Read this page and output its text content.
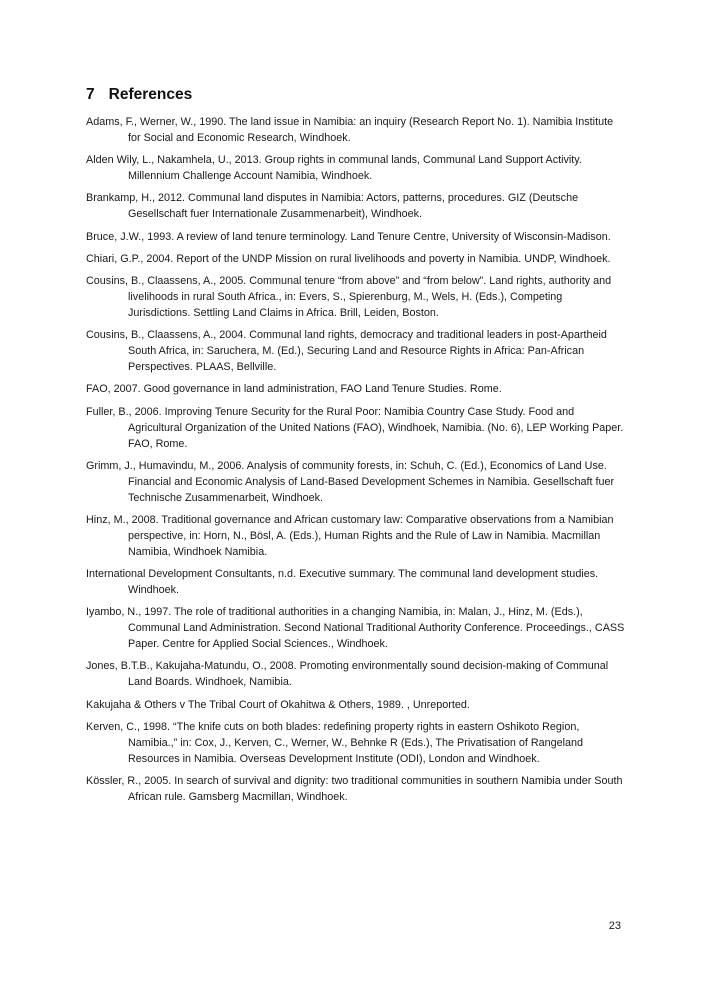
7 References
Adams, F., Werner, W., 1990. The land issue in Namibia: an inquiry (Research Report No. 1). Namibia Institute for Social and Economic Research, Windhoek.
Alden Wily, L., Nakamhela, U., 2013. Group rights in communal lands, Communal Land Support Activity. Millennium Challenge Account Namibia, Windhoek.
Brankamp, H., 2012. Communal land disputes in Namibia: Actors, patterns, procedures. GIZ (Deutsche Gesellschaft fuer Internationale Zusammenarbeit), Windhoek.
Bruce, J.W., 1993. A review of land tenure terminology. Land Tenure Centre, University of Wisconsin-Madison.
Chiari, G.P., 2004. Report of the UNDP Mission on rural livelihoods and poverty in Namibia. UNDP, Windhoek.
Cousins, B., Claassens, A., 2005. Communal tenure “from above” and “from below”. Land rights, authority and livelihoods in rural South Africa., in: Evers, S., Spierenburg, M., Wels, H. (Eds.), Competing Jurisdictions. Settling Land Claims in Africa. Brill, Leiden, Boston.
Cousins, B., Claassens, A., 2004. Communal land rights, democracy and traditional leaders in post-Apartheid South Africa, in: Saruchera, M. (Ed.), Securing Land and Resource Rights in Africa: Pan-African Perspectives. PLAAS, Bellville.
FAO, 2007. Good governance in land administration, FAO Land Tenure Studies. Rome.
Fuller, B., 2006. Improving Tenure Security for the Rural Poor: Namibia Country Case Study. Food and Agricultural Organization of the United Nations (FAO), Windhoek, Namibia. (No. 6), LEP Working Paper. FAO, Rome.
Grimm, J., Humavindu, M., 2006. Analysis of community forests, in: Schuh, C. (Ed.), Economics of Land Use. Financial and Economic Analysis of Land-Based Development Schemes in Namibia. Gesellschaft fuer Technische Zusammenarbeit, Windhoek.
Hinz, M., 2008. Traditional governance and African customary law: Comparative observations from a Namibian perspective, in: Horn, N., Bösl, A. (Eds.), Human Rights and the Rule of Law in Namibia. Macmillan Namibia, Windhoek Namibia.
International Development Consultants, n.d. Executive summary. The communal land development studies. Windhoek.
Iyambo, N., 1997. The role of traditional authorities in a changing Namibia, in: Malan, J., Hinz, M. (Eds.), Communal Land Administration. Second National Traditional Authority Conference. Proceedings., CASS Paper. Centre for Applied Social Sciences., Windhoek.
Jones, B.T.B., Kakujaha-Matundu, O., 2008. Promoting environmentally sound decision-making of Communal Land Boards. Windhoek, Namibia.
Kakujaha & Others v The Tribal Court of Okahitwa & Others, 1989. , Unreported.
Kerven, C., 1998. “The knife cuts on both blades: redefining property rights in eastern Oshikoto Region, Namibia.,” in: Cox, J., Kerven, C., Werner, W., Behnke R (Eds.), The Privatisation of Rangeland Resources in Namibia. Overseas Development Institute (ODI), London and Windhoek.
Kössler, R., 2005. In search of survival and dignity: two traditional communities in southern Namibia under South African rule. Gamsberg Macmillan, Windhoek.
23
